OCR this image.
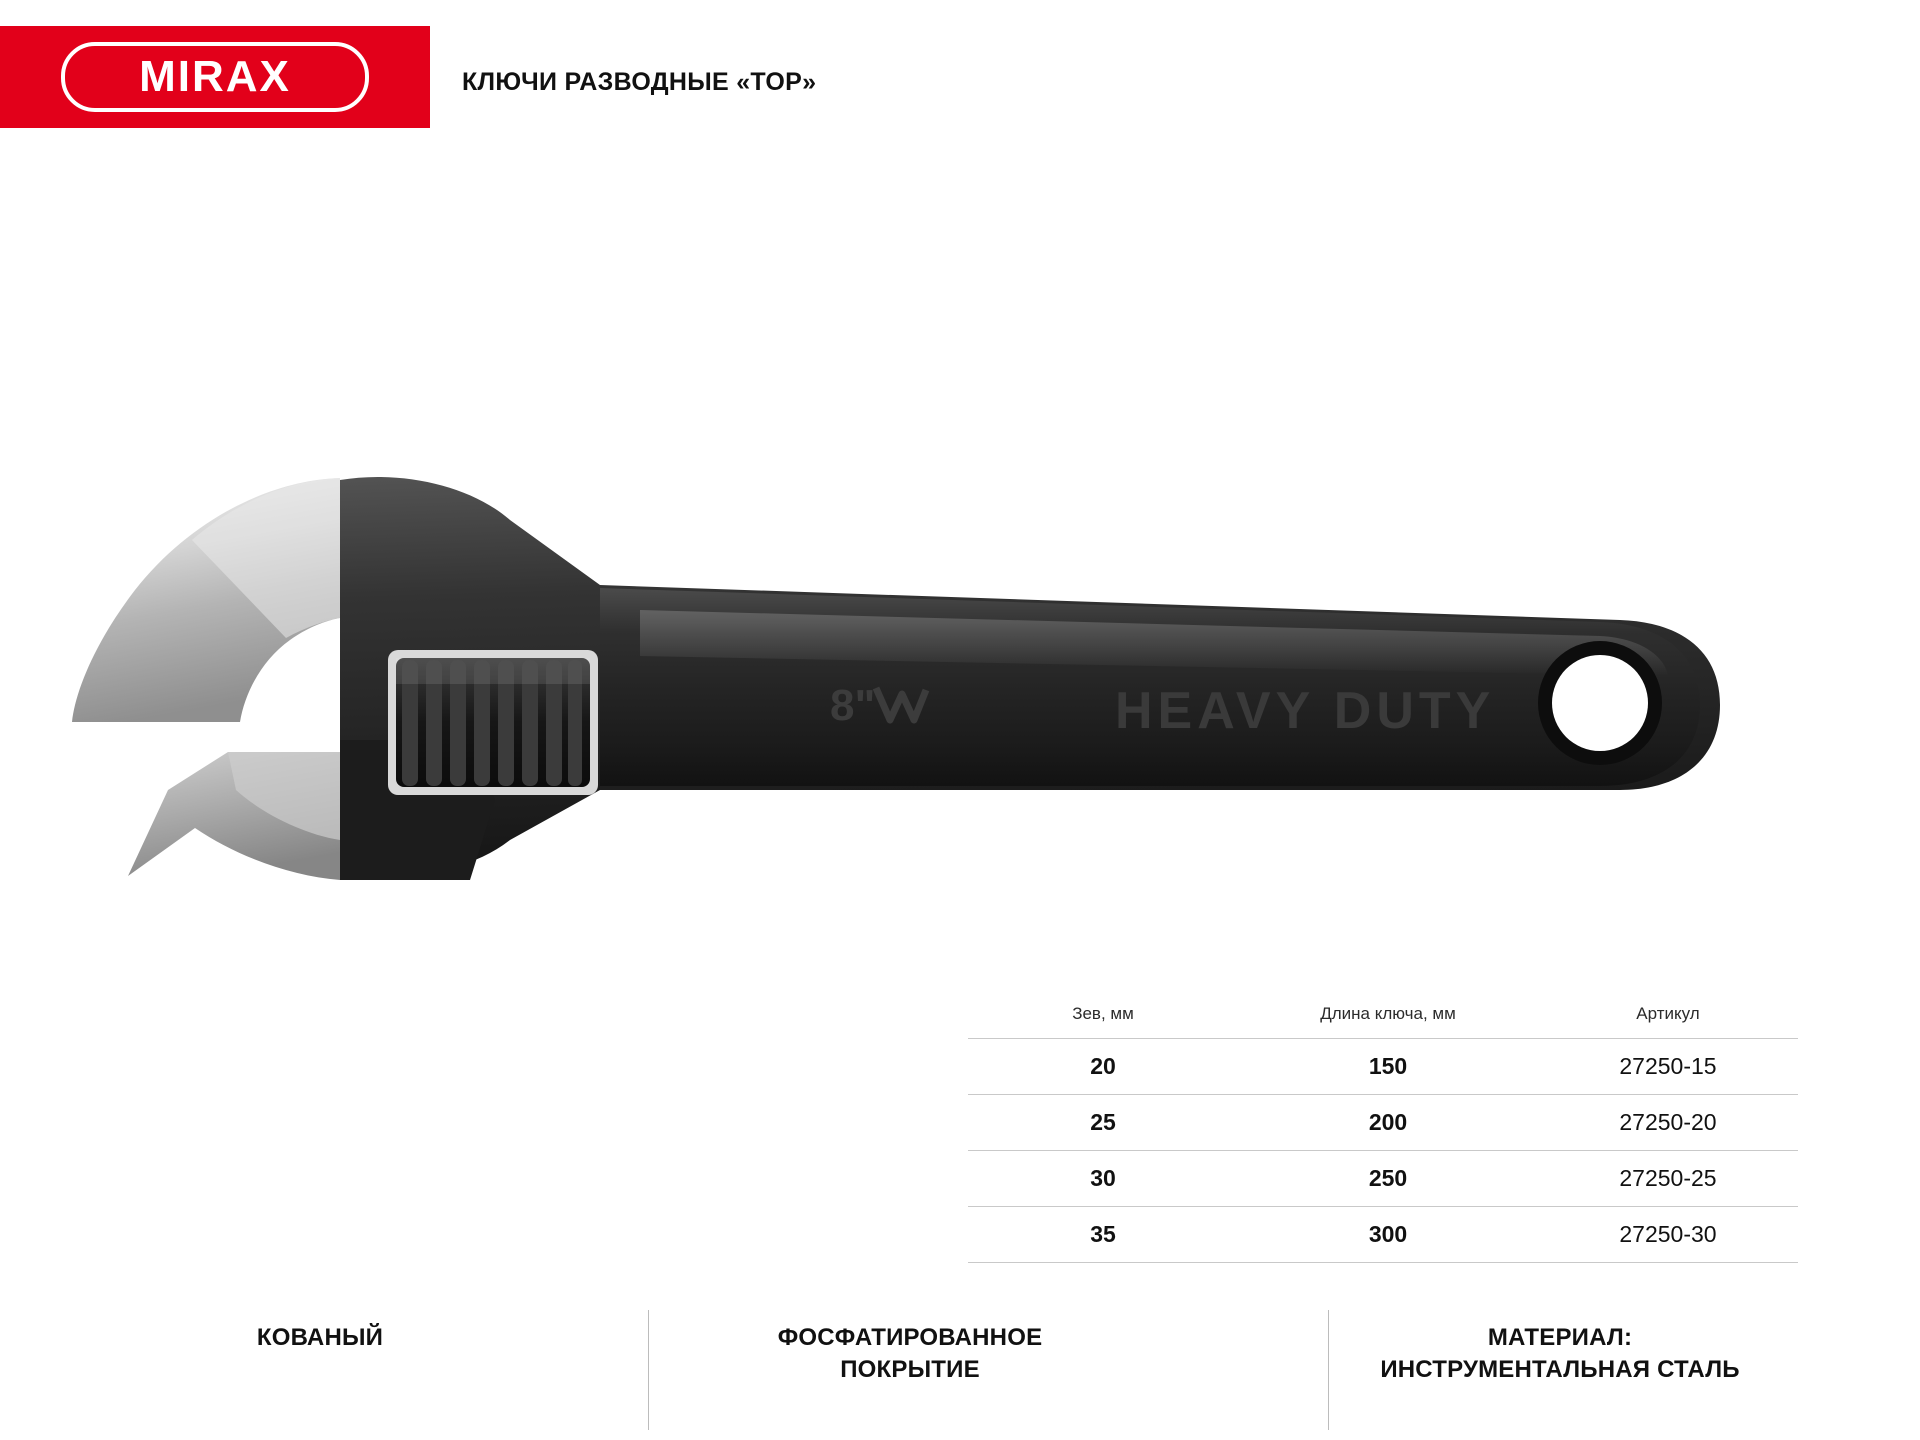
MIRAX	КЛЮЧИ РАЗВОДНЫЕ «ТОР»
8"	HEAVY DUTY
Зев, мм	Длина ключа, мм	Артикул
20	150	27250-15
25	200	27250-20
30	250	27250-25
35	300	27250-30
КОВАНЫЙ	ФОСФАТИРОВАННОЕ
ПОКРЫТИЕ
МАТЕРИАЛ:
ИНСТРУМЕНТАЛЬНАЯ СТАЛЬ
